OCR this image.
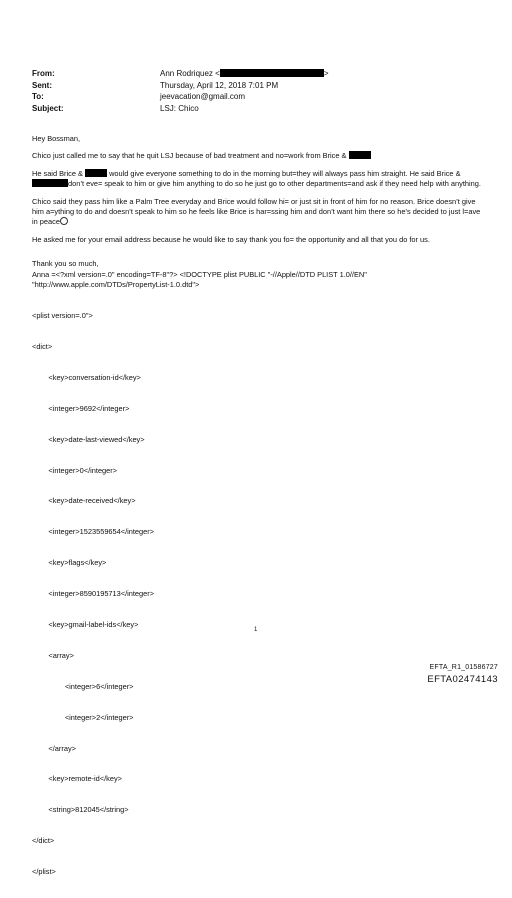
From:	Ann Rodriquez <	>
Sent:	Thursday, April 12, 2018 7:01 PM
To:	jeevacation@gmail.com
Subject:	LSJ: Chico

Hey Bossman,

Chico just called me to say that he quit LSJ because of bad treatment and no=work from Brice &

He said Brice &	would give everyone something to do in the morning but=they will always pass him straight. He said Brice & don’t eve= speak to him or give him anything to do so he just go to other departments=and ask if they need help with anything.

Chico said they pass him like a Palm Tree everyday and Brice would follow hi= or just sit in front of him for no reason. Brice doesn’t give him a=ything to do and doesn’t speak to him so he feels like Brice is har=ssing him and don’t want him there so he’s decided to just l=ave in peace

He asked me for your email address because he would like to say thank you fo= the opportunity and all that you do for us.

Thank you so much,
Anna =<?xml version=.0" encoding=TF-8"?> <!DOCTYPE plist PUBLIC "-//Apple//DTD PLIST 1.0//EN"
"http://www.apple.com/DTDs/PropertyList-1.0.dtd">

<plist version=.0">

<dict>

<key>conversation-id</key>

<integer>9692</integer>

<key>date-last-viewed</key>

<integer>0</integer>

<key>date-received</key>

<integer>1523559654</integer>

<key>flags</key>

<integer>8590195713</integer>

<key>gmail-label-ids</key>

<array>

<integer>6</integer>

<integer>2</integer>

</array>

<key>remote-id</key>

<string>812045</string>

</dict>

</plist>

1
EFTA_R1_01586727
EFTA02474143
